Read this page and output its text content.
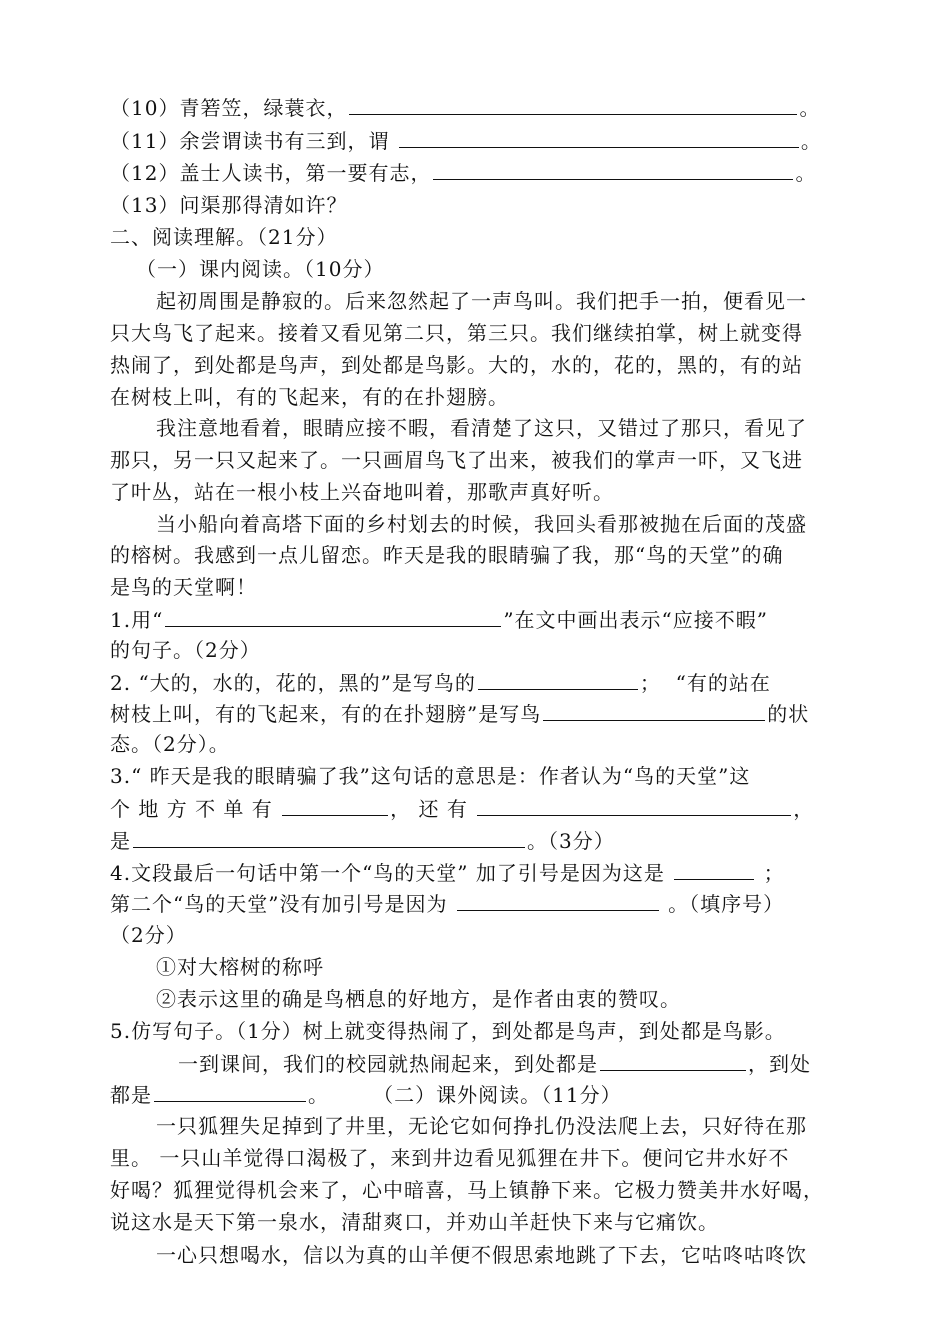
（10）青箬笠，绿蓑衣，	。
（11）余尝谓读书有三到，谓	。
（12）盖士人读书，第一要有志，	。
（13）问渠那得清如许？
二、阅读理解。（21分）
（一）课内阅读。（10分）
起初周围是静寂的。后来忽然起了一声鸟叫。我们把手一拍，便看见一
只大鸟飞了起来。接着又看见第二只，第三只。我们继续拍掌，树上就变得
热闹了，到处都是鸟声，到处都是鸟影。大的，水的，花的，黑的，有的站
在树枝上叫，有的飞起来，有的在扑翅膀。
我注意地看着，眼睛应接不暇，看清楚了这只，又错过了那只，看见了
那只，另一只又起来了。一只画眉鸟飞了出来，被我们的掌声一吓，又飞进
了叶丛，站在一根小枝上兴奋地叫着，那歌声真好听。
当小船向着高塔下面的乡村划去的时候，我回头看那被抛在后面的茂盛
的榕树。我感到一点儿留恋。昨天是我的眼睛骗了我，那“鸟的天堂”的确
是鸟的天堂啊！
1.用“	”在文中画出表示“应接不暇”
的句子。（2分）
2. “大的，水的，花的，黑的”是写鸟的	；  “有的站在
树枝上叫，有的飞起来，有的在扑翅膀”是写鸟	的状
态。（2分）。
3.“ 昨天是我的眼睛骗了我”这句话的意思是：作者认为“鸟的天堂”这
个 地 方 不 单 有	， 还 有	，
是	。（3分）
4.文段最后一句话中第一个“鸟的天堂” 加了引号是因为这是	；
第二个“鸟的天堂”没有加引号是因为	。（填序号）
（2分）
①对大榕树的称呼
②表示这里的确是鸟栖息的好地方，是作者由衷的赞叹。
5.仿写句子。（1分）树上就变得热闹了，到处都是鸟声，到处都是鸟影。
一到课间，我们的校园就热闹起来，到处都是	，到处
都是	。      （二）课外阅读。（11分）
一只狐狸失足掉到了井里，无论它如何挣扎仍没法爬上去，只好待在那
里。 一只山羊觉得口渴极了，来到井边看见狐狸在井下。便问它井水好不
好喝？狐狸觉得机会来了，心中暗喜，马上镇静下来。它极力赞美井水好喝，
说这水是天下第一泉水，清甜爽口，并劝山羊赶快下来与它痛饮。
一心只想喝水，信以为真的山羊便不假思索地跳了下去，它咕咚咕咚饮
